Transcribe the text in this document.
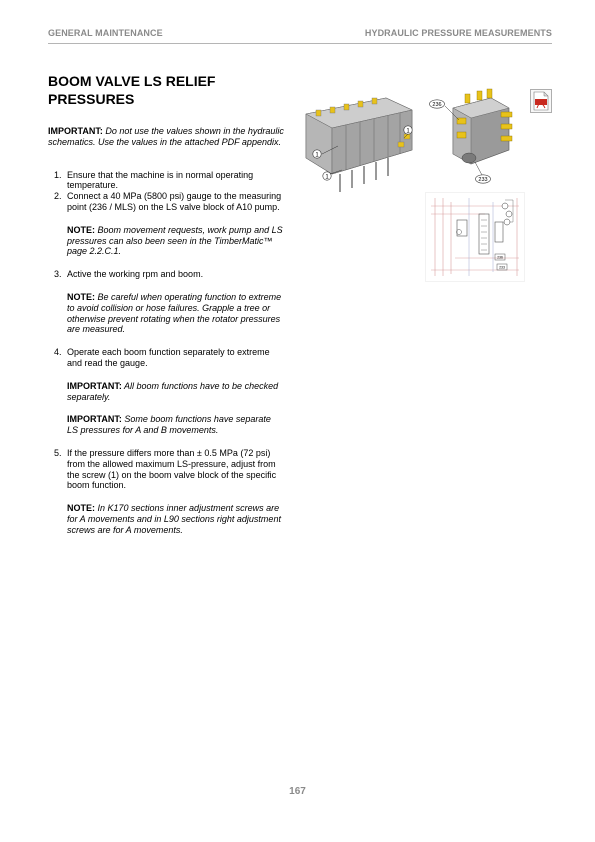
GENERAL MAINTENANCE	HYDRAULIC PRESSURE MEASUREMENTS
BOOM VALVE LS RELIEF
PRESSURES

IMPORTANT: Do not use the values shown in the hydraulic schematics. Use the values in the attached PDF appendix.

1. Ensure that the machine is in normal operating temperature.
2. Connect a 40 MPa (5800 psi) gauge to the measuring point (236 / MLS) on the LS valve block of A10 pump.

NOTE: Boom movement requests, work pump and LS pressures can also been seen in the TimberMatic™ page 2.2.C.1.

3. Active the working rpm and boom.

NOTE: Be careful when operating function to extreme to avoid collision or hose failures. Grapple a tree or otherwise prevent rotating when the rotator pressures are measured.

4. Operate each boom function separately to extreme and read the gauge.

IMPORTANT: All boom functions have to be checked separately.

IMPORTANT: Some boom functions have separate LS pressures for A and B movements.

5. If the pressure differs more than ± 0.5 MPa (72 psi) from the allowed maximum LS-pressure, adjust from the screw (1) on the boom valve block of the specific boom function.

NOTE: In K170 sections inner adjustment screws are for A movements and in L90 sections right adjustment screws are for A movements.

1
1
1
236
233
236
233
167
